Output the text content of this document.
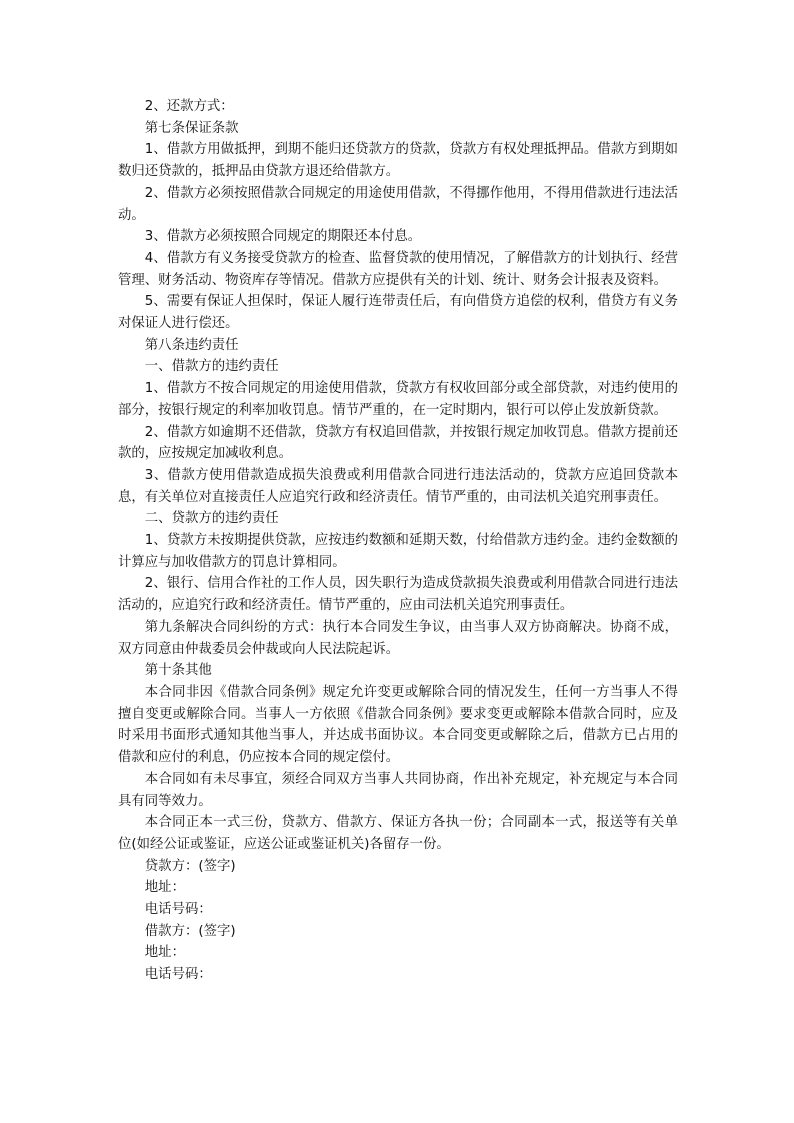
2、还款方式：

第七条保证条款

1、借款方用做抵押，到期不能归还贷款方的贷款，贷款方有权处理抵押品。借款方到期如数归还贷款的，抵押品由贷款方退还给借款方。

2、借款方必须按照借款合同规定的用途使用借款，不得挪作他用，不得用借款进行违法活动。

3、借款方必须按照合同规定的期限还本付息。

4、借款方有义务接受贷款方的检查、监督贷款的使用情况，了解借款方的计划执行、经营管理、财务活动、物资库存等情况。借款方应提供有关的计划、统计、财务会计报表及资料。

5、需要有保证人担保时，保证人履行连带责任后，有向借贷方追偿的权利，借贷方有义务对保证人进行偿还。

第八条违约责任

一、借款方的违约责任

1、借款方不按合同规定的用途使用借款，贷款方有权收回部分或全部贷款，对违约使用的部分，按银行规定的利率加收罚息。情节严重的，在一定时期内，银行可以停止发放新贷款。

2、借款方如逾期不还借款，贷款方有权追回借款，并按银行规定加收罚息。借款方提前还款的，应按规定加减收利息。

3、借款方使用借款造成损失浪费或利用借款合同进行违法活动的，贷款方应追回贷款本息，有关单位对直接责任人应追究行政和经济责任。情节严重的，由司法机关追究刑事责任。

二、贷款方的违约责任

1、贷款方未按期提供贷款，应按违约数额和延期天数，付给借款方违约金。违约金数额的计算应与加收借款方的罚息计算相同。

2、银行、信用合作社的工作人员，因失职行为造成贷款损失浪费或利用借款合同进行违法活动的，应追究行政和经济责任。情节严重的，应由司法机关追究刑事责任。

第九条解决合同纠纷的方式：执行本合同发生争议，由当事人双方协商解决。协商不成，双方同意由仲裁委员会仲裁或向人民法院起诉。

第十条其他

本合同非因《借款合同条例》规定允许变更或解除合同的情况发生，任何一方当事人不得擅自变更或解除合同。当事人一方依照《借款合同条例》要求变更或解除本借款合同时，应及时采用书面形式通知其他当事人，并达成书面协议。本合同变更或解除之后，借款方已占用的借款和应付的利息，仍应按本合同的规定偿付。

本合同如有未尽事宜，须经合同双方当事人共同协商，作出补充规定，补充规定与本合同具有同等效力。

本合同正本一式三份，贷款方、借款方、保证方各执一份；合同副本一式，报送等有关单位(如经公证或鉴证，应送公证或鉴证机关)各留存一份。

贷款方：(签字)

地址：

电话号码：

借款方：(签字)

地址：

电话号码：
